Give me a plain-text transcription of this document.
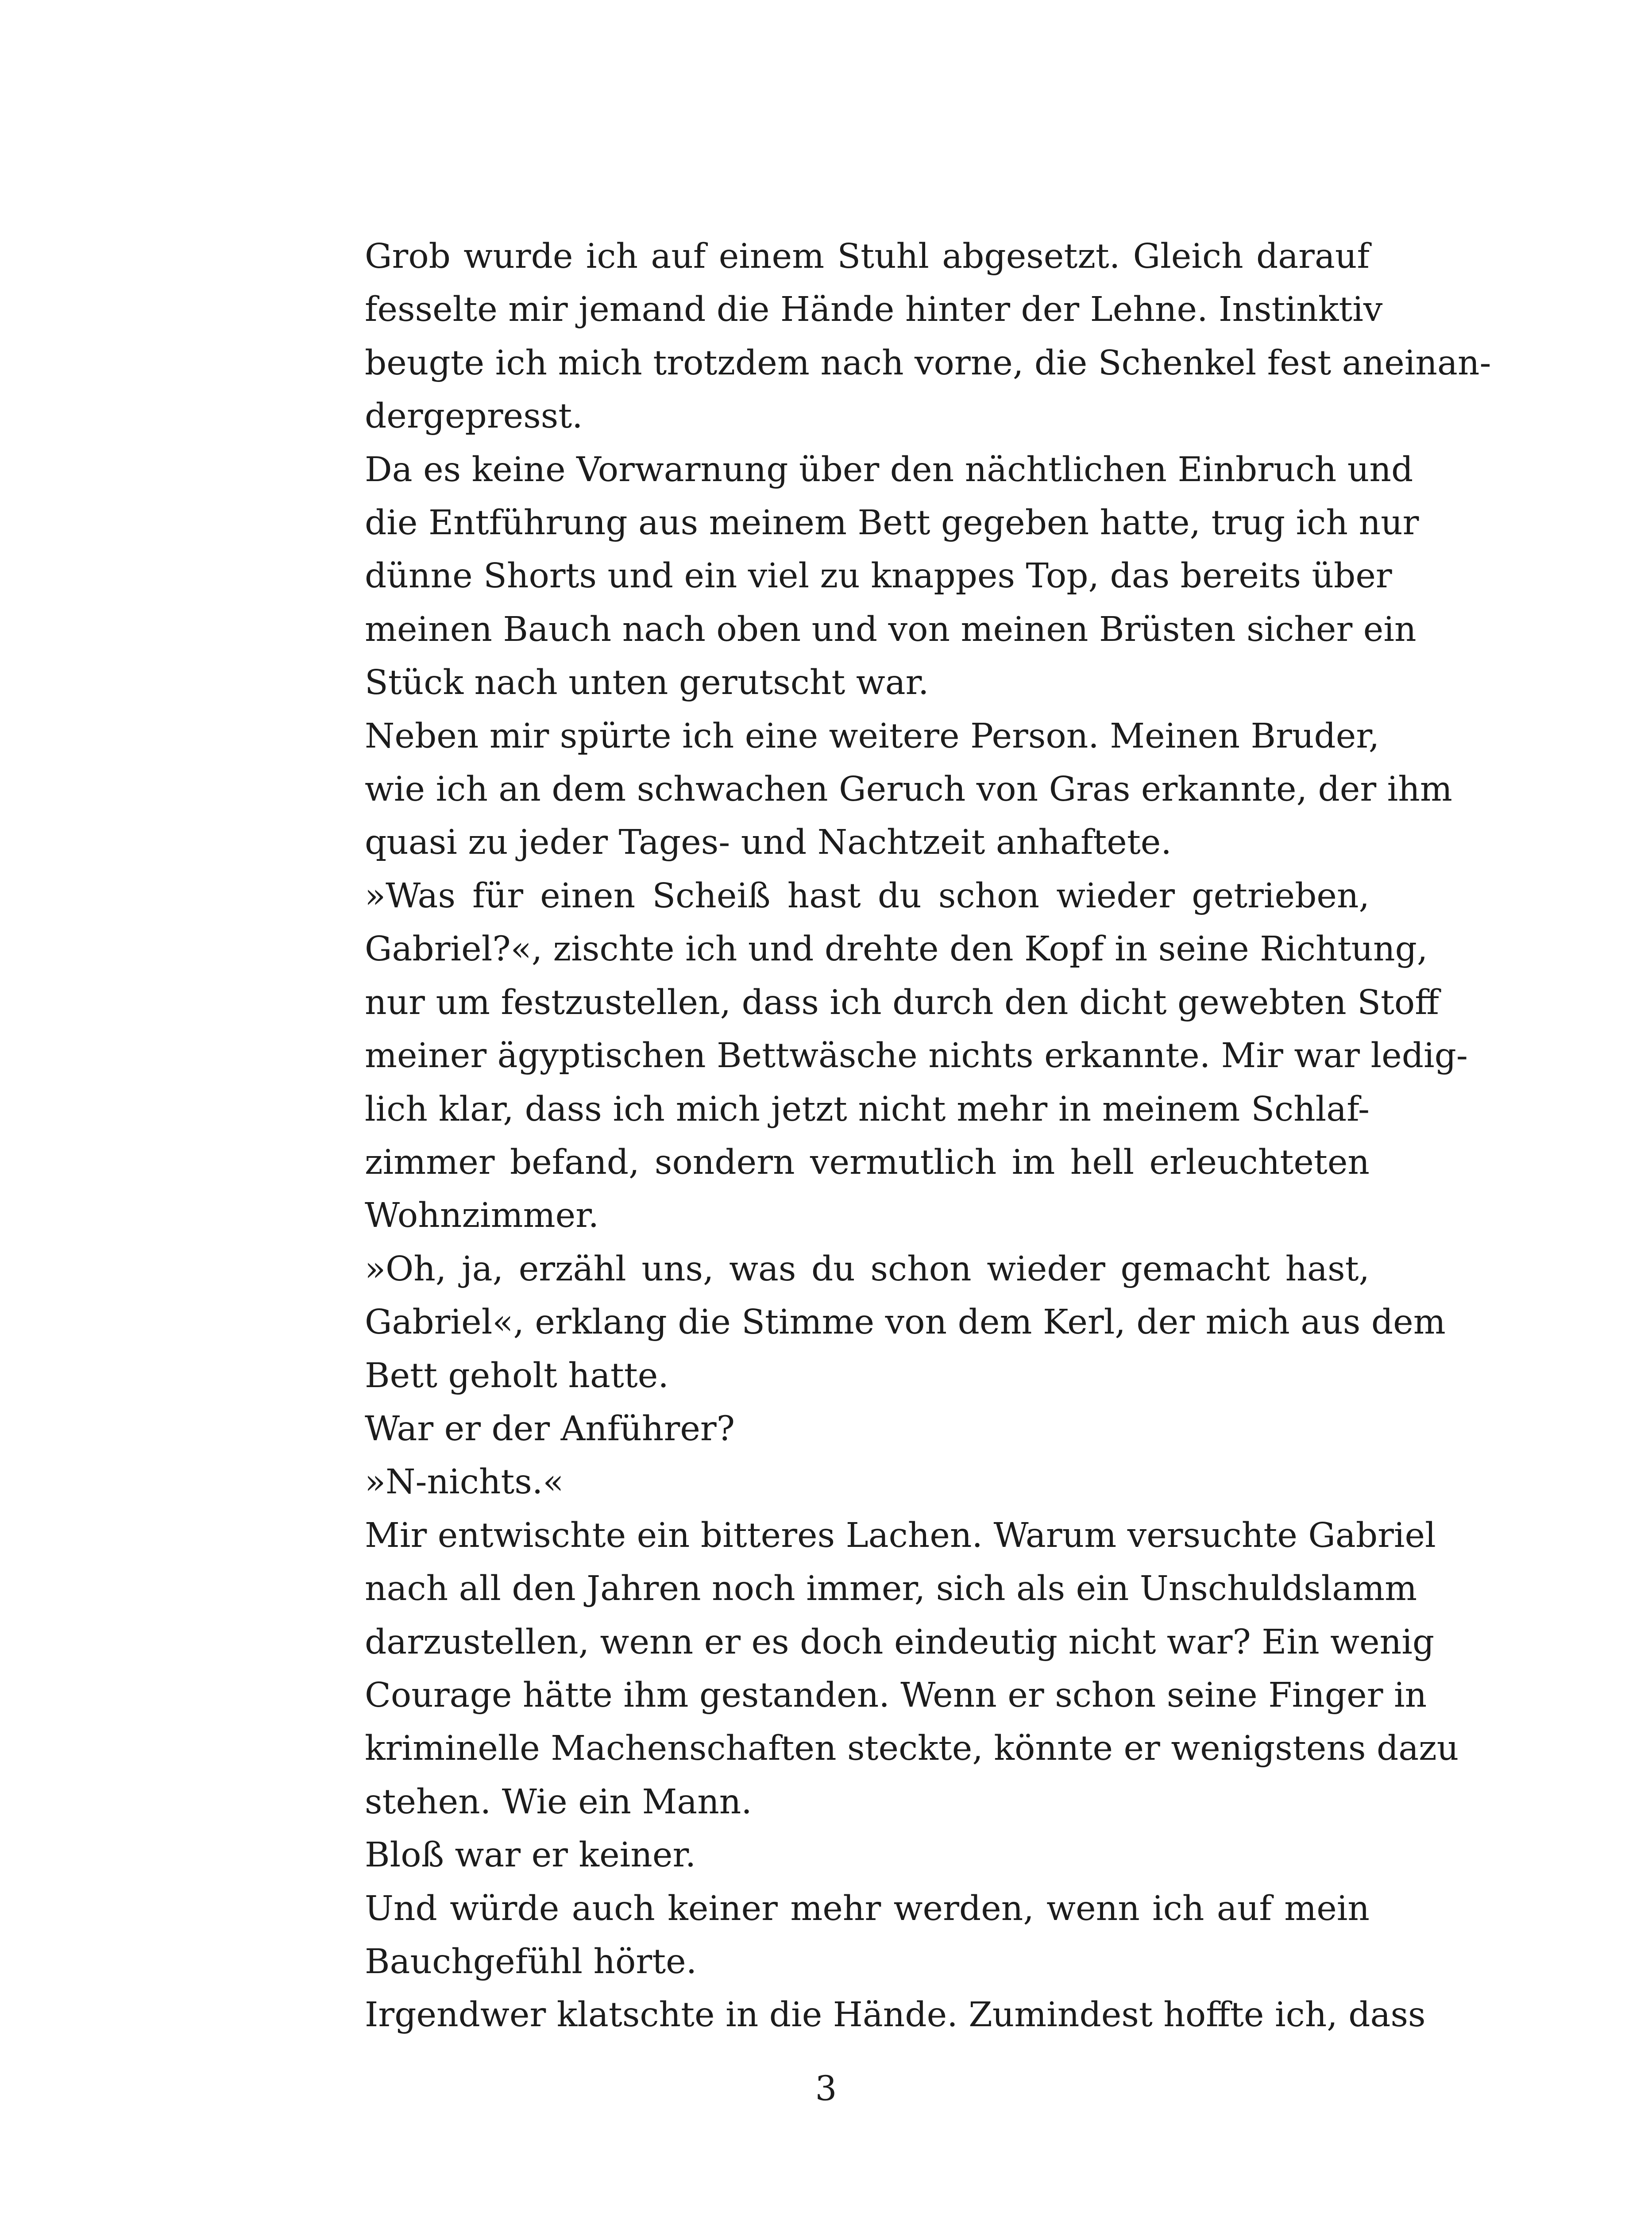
Grob wurde ich auf einem Stuhl abgesetzt. Gleich darauf
fesselte mir jemand die Hände hinter der Lehne. Instinktiv
beugte ich mich trotzdem nach vorne, die Schenkel fest aneinan-
dergepresst.

Da es keine Vorwarnung über den nächtlichen Einbruch und
die Entführung aus meinem Bett gegeben hatte, trug ich nur
dünne Shorts und ein viel zu knappes Top, das bereits über
meinen Bauch nach oben und von meinen Brüsten sicher ein
Stück nach unten gerutscht war.

Neben mir spürte ich eine weitere Person. Meinen Bruder,
wie ich an dem schwachen Geruch von Gras erkannte, der ihm
quasi zu jeder Tages- und Nachtzeit anhaftete.

»Was für einen Scheiß hast du schon wieder getrieben,
Gabriel?«, zischte ich und drehte den Kopf in seine Richtung,
nur um festzustellen, dass ich durch den dicht gewebten Stoff
meiner ägyptischen Bettwäsche nichts erkannte. Mir war ledig-
lich klar, dass ich mich jetzt nicht mehr in meinem Schlaf-
zimmer befand, sondern vermutlich im hell erleuchteten
Wohnzimmer.

»Oh, ja, erzähl uns, was du schon wieder gemacht hast,
Gabriel«, erklang die Stimme von dem Kerl, der mich aus dem
Bett geholt hatte.

War er der Anführer?

»N-nichts.«

Mir entwischte ein bitteres Lachen. Warum versuchte Gabriel
nach all den Jahren noch immer, sich als ein Unschuldslamm
darzustellen, wenn er es doch eindeutig nicht war? Ein wenig
Courage hätte ihm gestanden. Wenn er schon seine Finger in
kriminelle Machenschaften steckte, könnte er wenigstens dazu
stehen. Wie ein Mann.

Bloß war er keiner.

Und würde auch keiner mehr werden, wenn ich auf mein
Bauchgefühl hörte.

Irgendwer klatschte in die Hände. Zumindest hoffte ich, dass

3
